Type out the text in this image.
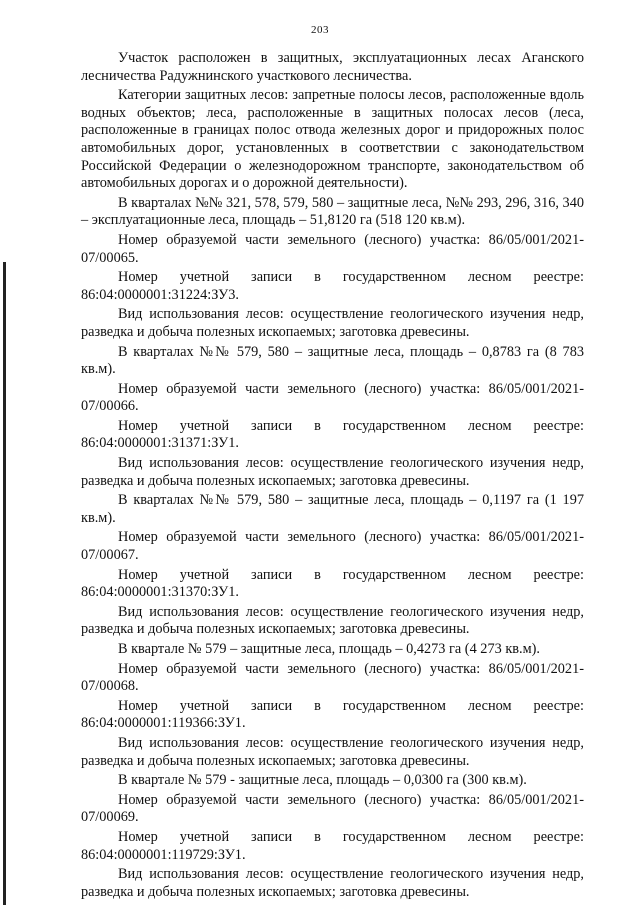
203

Участок расположен в защитных, эксплуатационных лесах Аганского лесничества Радужнинского участкового лесничества.

Категории защитных лесов: запретные полосы лесов, расположенные вдоль водных объектов; леса, расположенные в защитных полосах лесов (леса, расположенные в границах полос отвода железных дорог и придорожных полос автомобильных дорог, установленных в соответствии с законодательством Российской Федерации о железнодорожном транспорте, законодательством об автомобильных дорогах и о дорожной деятельности).

В кварталах №№ 321, 578, 579, 580 – защитные леса, №№ 293, 296, 316, 340 – эксплуатационные леса, площадь – 51,8120 га (518 120 кв.м).

Номер образуемой части земельного (лесного) участка: 86/05/001/2021-07/00065.

Номер учетной записи в государственном лесном реестре: 86:04:0000001:31224:ЗУ3.

Вид использования лесов: осуществление геологического изучения недр, разведка и добыча полезных ископаемых; заготовка древесины.

В кварталах №№ 579, 580 – защитные леса, площадь – 0,8783 га (8 783 кв.м).

Номер образуемой части земельного (лесного) участка: 86/05/001/2021-07/00066.

Номер учетной записи в государственном лесном реестре: 86:04:0000001:31371:ЗУ1.

Вид использования лесов: осуществление геологического изучения недр, разведка и добыча полезных ископаемых; заготовка древесины.

В кварталах №№ 579, 580 – защитные леса, площадь – 0,1197 га (1 197 кв.м).

Номер образуемой части земельного (лесного) участка: 86/05/001/2021-07/00067.

Номер учетной записи в государственном лесном реестре: 86:04:0000001:31370:ЗУ1.

Вид использования лесов: осуществление геологического изучения недр, разведка и добыча полезных ископаемых; заготовка древесины.

В квартале № 579 – защитные леса, площадь – 0,4273 га (4 273 кв.м).

Номер образуемой части земельного (лесного) участка: 86/05/001/2021-07/00068.

Номер учетной записи в государственном лесном реестре: 86:04:0000001:119366:ЗУ1.

Вид использования лесов: осуществление геологического изучения недр, разведка и добыча полезных ископаемых; заготовка древесины.

В квартале № 579 - защитные леса, площадь – 0,0300 га (300 кв.м).

Номер образуемой части земельного (лесного) участка: 86/05/001/2021-07/00069.

Номер учетной записи в государственном лесном реестре: 86:04:0000001:119729:ЗУ1.

Вид использования лесов: осуществление геологического изучения недр, разведка и добыча полезных ископаемых; заготовка древесины.
